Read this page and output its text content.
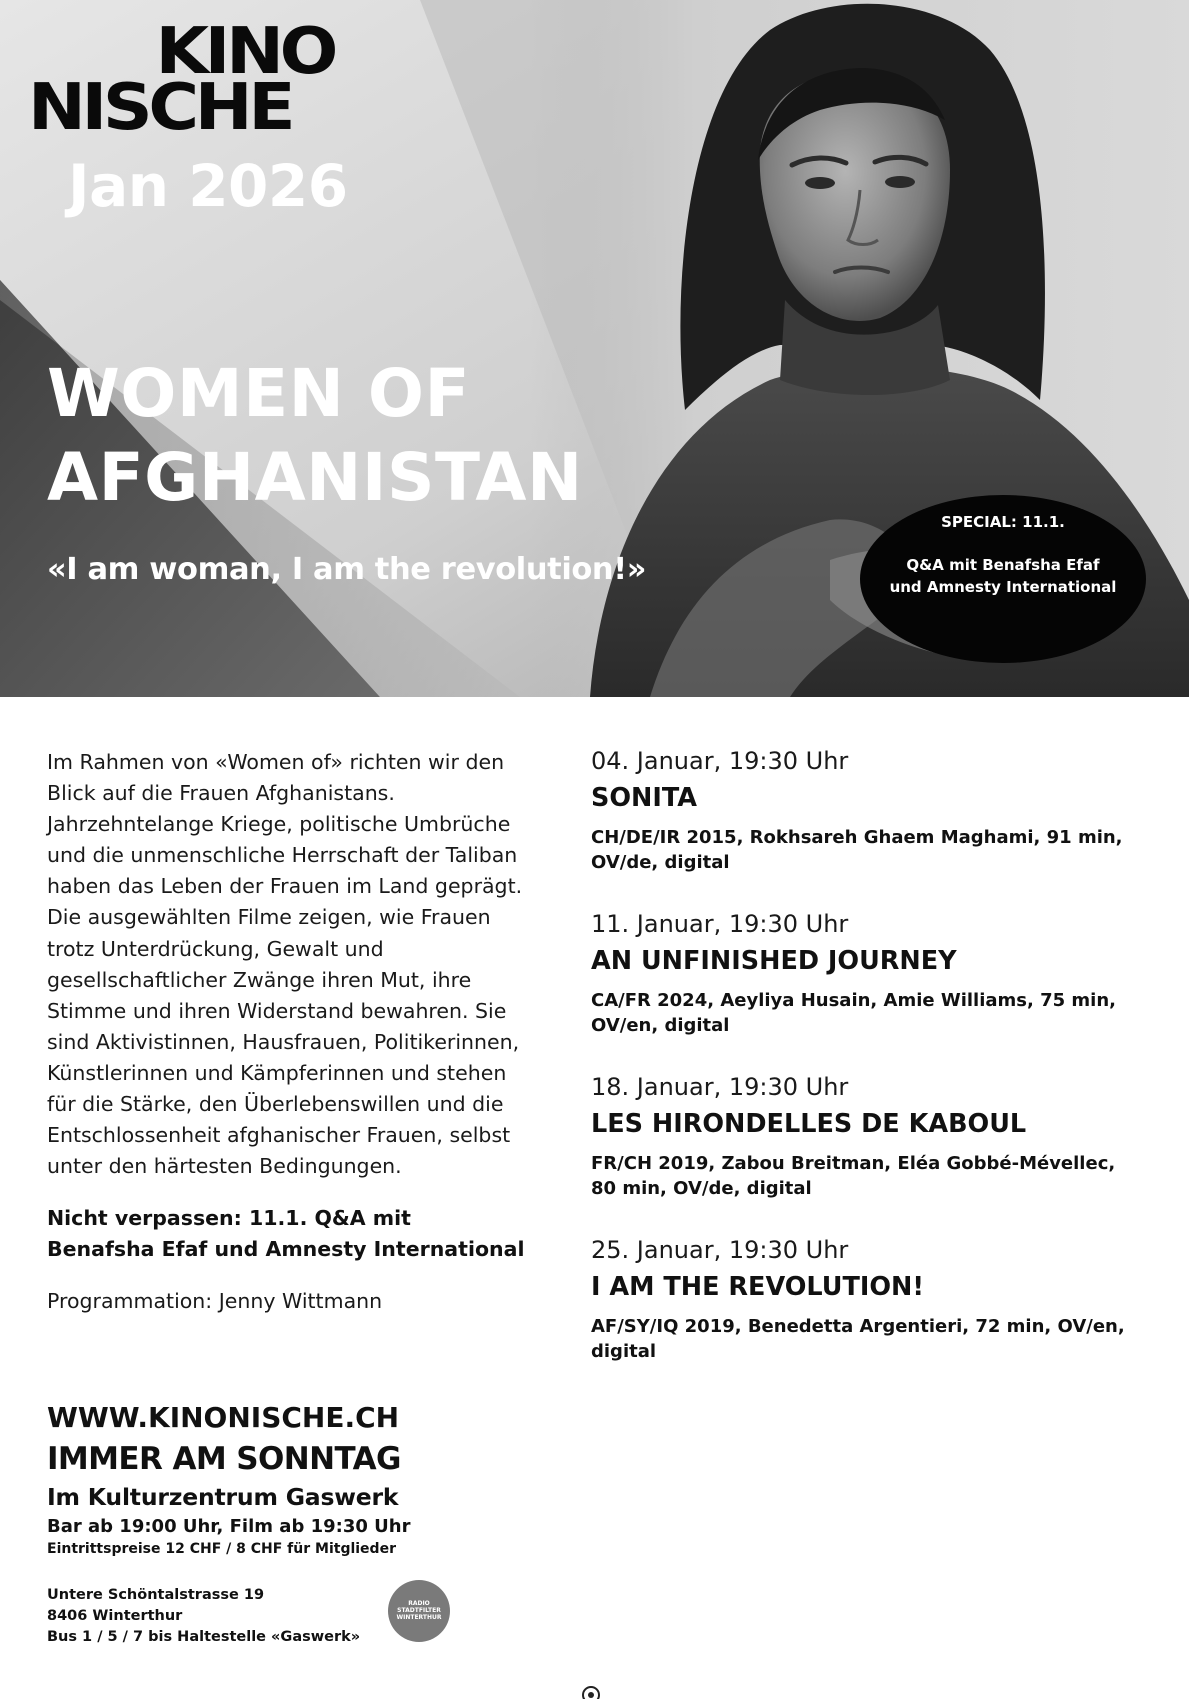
KINO
NISCHE
Jan 2026
WOMEN OF
AFGHANISTAN
«I am woman, I am the revolution!»
SPECIAL: 11.1.
Q&A mit Benafsha Efaf
und Amnesty International
Im Rahmen von «Women of» richten wir den
Blick auf die Frauen Afghanistans.
Jahrzehntelange Kriege, politische Umbrüche
und die unmenschliche Herrschaft der Taliban
haben das Leben der Frauen im Land geprägt.
Die ausgewählten Filme zeigen, wie Frauen
trotz Unterdrückung, Gewalt und
gesellschaftlicher Zwänge ihren Mut, ihre
Stimme und ihren Widerstand bewahren. Sie
sind Aktivistinnen, Hausfrauen, Politikerinnen,
Künstlerinnen und Kämpferinnen und stehen
für die Stärke, den Überlebenswillen und die
Entschlossenheit afghanischer Frauen, selbst
unter den härtesten Bedingungen.
Nicht verpassen: 11.1. Q&A mit
Benafsha Efaf und Amnesty International
Programmation: Jenny Wittmann
WWW.KINONISCHE.CH
IMMER AM SONNTAG
Im Kulturzentrum Gaswerk
Bar ab 19:00 Uhr, Film ab 19:30 Uhr
Eintrittspreise 12 CHF / 8 CHF für Mitglieder
Untere Schöntalstrasse 19
8406 Winterthur
Bus 1 / 5 / 7 bis Haltestelle «Gaswerk»
RADIO
STADTFILTER
WINTERTHUR
04. Januar, 19:30 Uhr
SONITA
CH/DE/IR 2015, Rokhsareh Ghaem Maghami, 91 min,
OV/de, digital
11. Januar, 19:30 Uhr
AN UNFINISHED JOURNEY
CA/FR 2024, Aeyliya Husain, Amie Williams, 75 min,
OV/en, digital
18. Januar, 19:30 Uhr
LES HIRONDELLES DE KABOUL
FR/CH 2019, Zabou Breitman, Eléa Gobbé-Mévellec,
80 min, OV/de, digital
25. Januar, 19:30 Uhr
I AM THE REVOLUTION!
AF/SY/IQ 2019, Benedetta Argentieri, 72 min, OV/en,
digital
